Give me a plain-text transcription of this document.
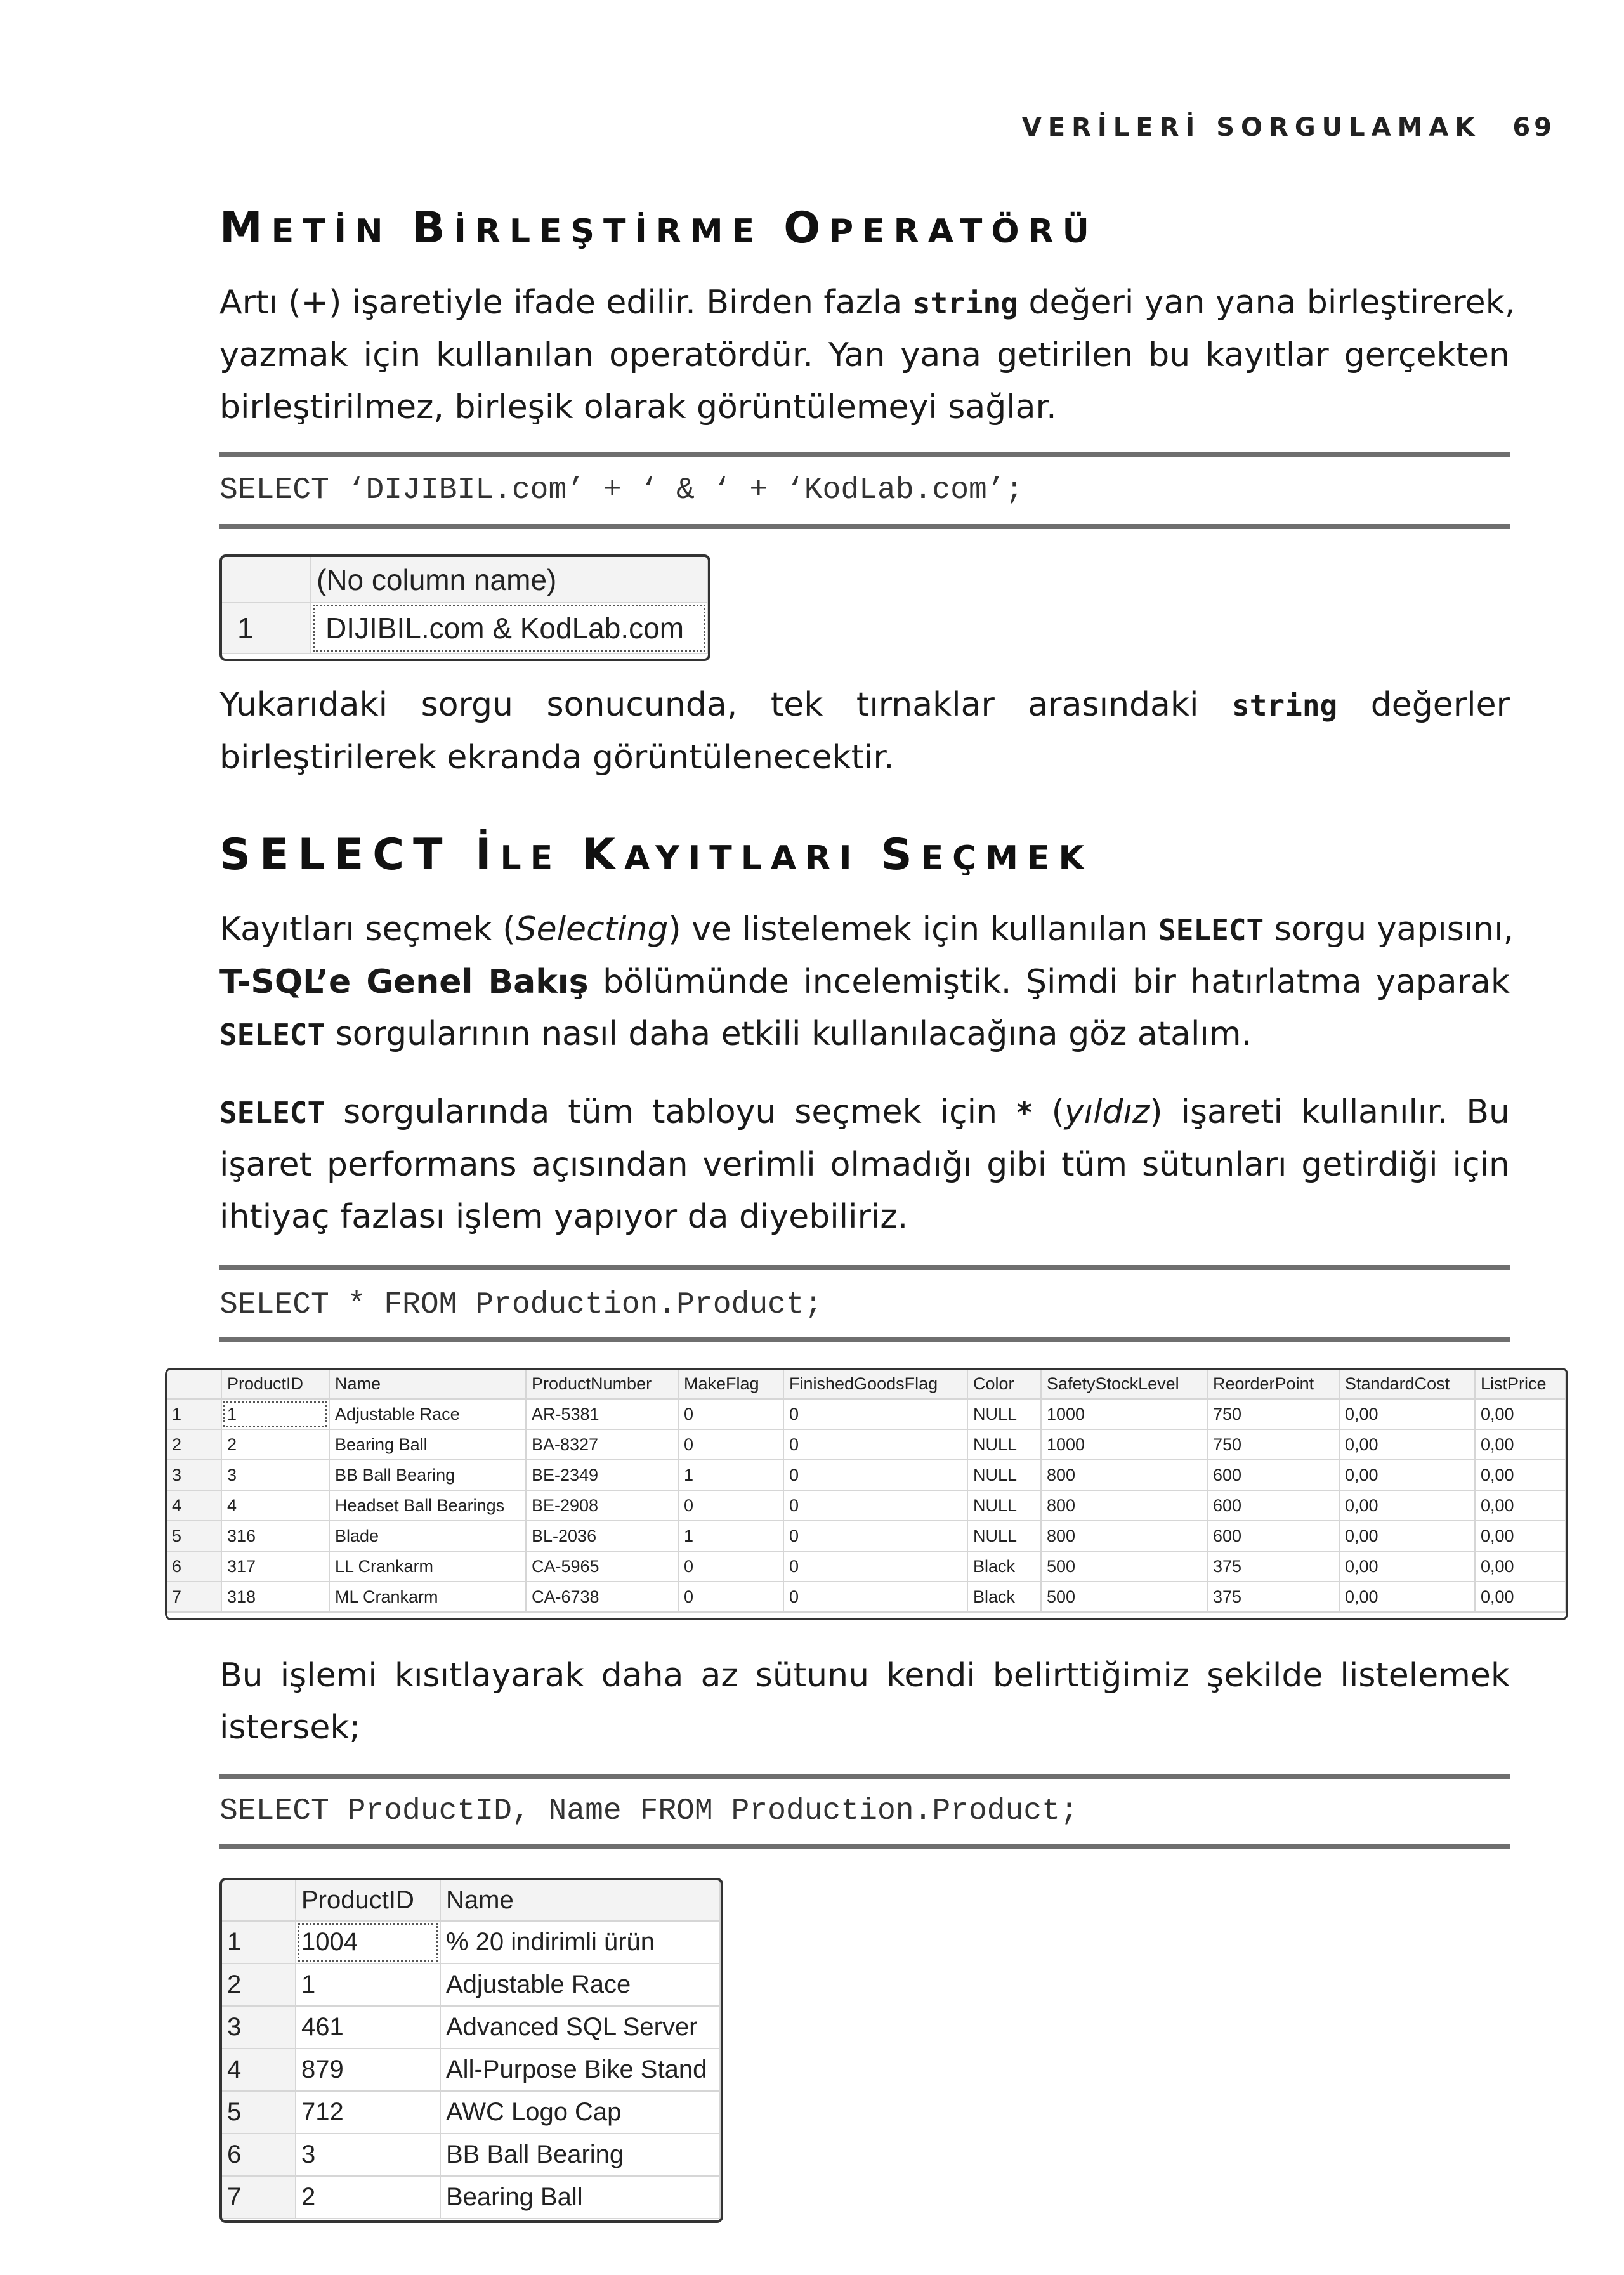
VERİLERİ SORGULAMAK 69
METİN BİRLEŞTİRME OPERATÖRÜ
Artı (+) işaretiyle ifade edilir. Birden fazla string değeri yan yana birleştirerek,
yazmak için kullanılan operatördür. Yan yana getirilen bu kayıtlar gerçekten
birleştirilmez, birleşik olarak görüntülemeyi sağlar.
SELECT ‘DIJIBIL.com’ + ‘ & ‘ + ‘KodLab.com’;
	(No column name)
1	DIJIBIL.com & KodLab.com
Yukarıdaki sorgu sonucunda, tek tırnaklar arasındaki string değerler
birleştirilerek ekranda görüntülenecektir.
SELECT İLE KAYITLARI SEÇMEK
Kayıtları seçmek (Selecting) ve listelemek için kullanılan SELECT sorgu yapısını,
T-SQL’e Genel Bakış bölümünde incelemiştik. Şimdi bir hatırlatma yaparak
SELECT sorgularının nasıl daha etkili kullanılacağına göz atalım.
SELECT sorgularında tüm tabloyu seçmek için * (yıldız) işareti kullanılır. Bu
işaret performans açısından verimli olmadığı gibi tüm sütunları getirdiği için
ihtiyaç fazlası işlem yapıyor da diyebiliriz.
SELECT * FROM Production.Product;
	ProductID	Name	ProductNumber	MakeFlag	FinishedGoodsFlag	Color	SafetyStockLevel	ReorderPoint	StandardCost	ListPrice
1	1	Adjustable Race	AR-5381	0	0	NULL	1000	750	0,00	0,00
2	2	Bearing Ball	BA-8327	0	0	NULL	1000	750	0,00	0,00
3	3	BB Ball Bearing	BE-2349	1	0	NULL	800	600	0,00	0,00
4	4	Headset Ball Bearings	BE-2908	0	0	NULL	800	600	0,00	0,00
5	316	Blade	BL-2036	1	0	NULL	800	600	0,00	0,00
6	317	LL Crankarm	CA-5965	0	0	Black	500	375	0,00	0,00
7	318	ML Crankarm	CA-6738	0	0	Black	500	375	0,00	0,00
Bu işlemi kısıtlayarak daha az sütunu kendi belirttiğimiz şekilde listelemek
istersek;
SELECT ProductID, Name FROM Production.Product;
	ProductID	Name
1	1004	% 20 indirimli ürün
2	1	Adjustable Race
3	461	Advanced SQL Server
4	879	All-Purpose Bike Stand
5	712	AWC Logo Cap
6	3	BB Ball Bearing
7	2	Bearing Ball
